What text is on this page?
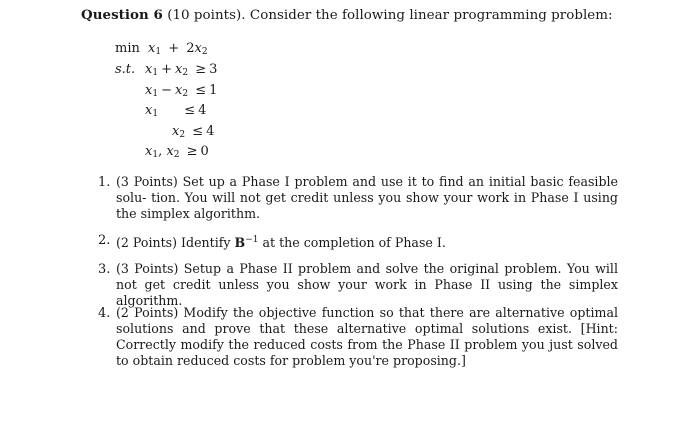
Question 6 (10 points). Consider the following linear programming problem:
$\min x_1 + 2x_2$
s.t. $x_1 + x_2 \ge 3$
$x_1 - x_2 \le 1$
$x_1 \le 4$
$x_2 \le 4$
$x_1$, $x_2 \ge 0$
1. (3 Points) Set up a Phase I problem and use it to find an initial basic feasible solu- tion. You will not get credit unless you show your work in Phase I using the simplex algorithm.
2. (2 Points) Identify $B^{-1}$ at the completion of Phase I.
3. (3 Points) Setup a Phase II problem and solve the original problem. You will not get credit unless you show your work in Phase II using the simplex algorithm.
4. (2 Points) Modify the objective function so that there are alternative optimal solutions and prove that these alternative optimal solutions exist. [Hint: Correctly modify the reduced costs from the Phase II problem you just solved to obtain reduced costs for problem you're proposing.]
